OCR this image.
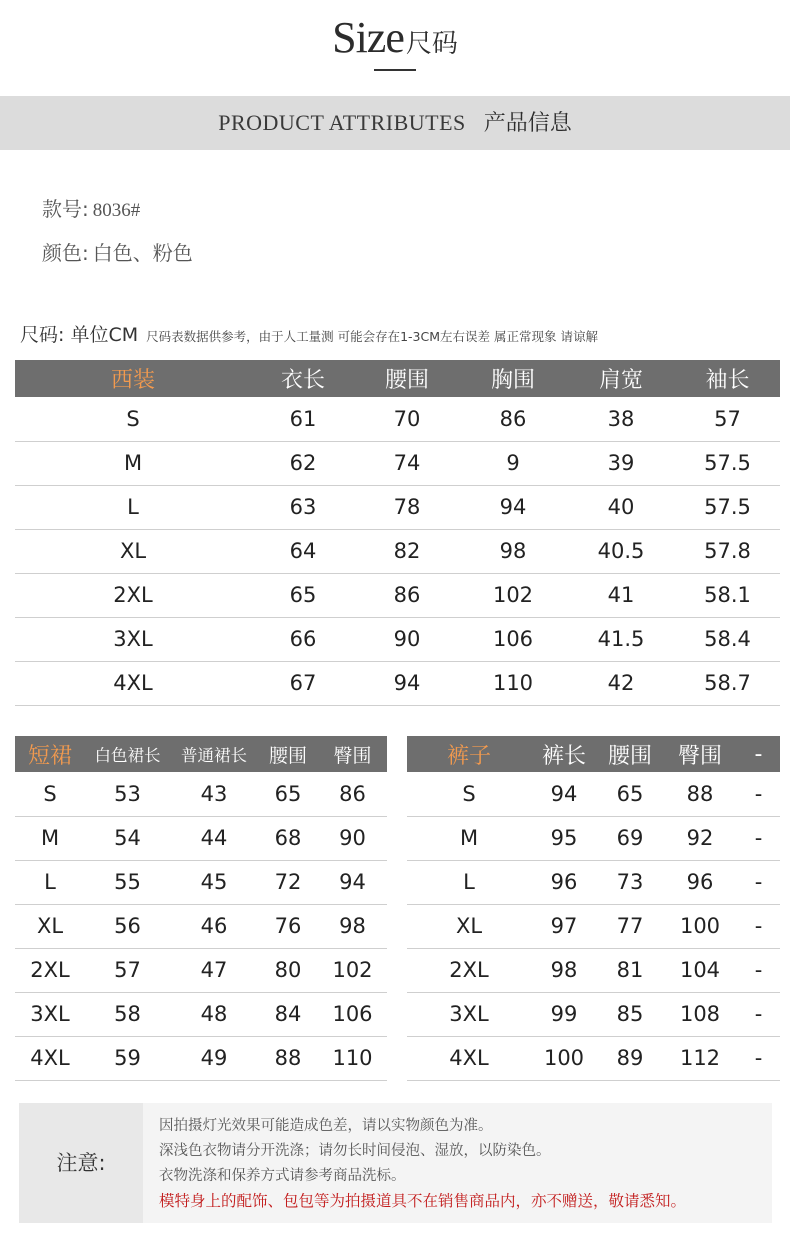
Size尺码
PRODUCT ATTRIBUTES 产品信息
款号: 8036#
颜色: 白色、粉色
尺码: 单位CM 尺码表数据供参考，由于人工量测 可能会存在1-3CM左右误差 属正常现象 请谅解
西装	衣长	腰围	胸围	肩宽	袖长
S	61	70	86	38	57
M	62	74	9	39	57.5
L	63	78	94	40	57.5
XL	64	82	98	40.5	57.8
2XL	65	86	102	41	58.1
3XL	66	90	106	41.5	58.4
4XL	67	94	110	42	58.7
短裙	白色裙长	普通裙长	腰围	臀围
S	53	43	65	86
M	54	44	68	90
L	55	45	72	94
XL	56	46	76	98
2XL	57	47	80	102
3XL	58	48	84	106
4XL	59	49	88	110
裤子	裤长	腰围	臀围	-
S	94	65	88	-
M	95	69	92	-
L	96	73	96	-
XL	97	77	100	-
2XL	98	81	104	-
3XL	99	85	108	-
4XL	100	89	112	-
注意:
因拍摄灯光效果可能造成色差，请以实物颜色为准。
深浅色衣物请分开洗涤；请勿长时间侵泡、湿放，以防染色。
衣物洗涤和保养方式请参考商品洗标。
模特身上的配饰、包包等为拍摄道具不在销售商品内，亦不赠送，敬请悉知。
